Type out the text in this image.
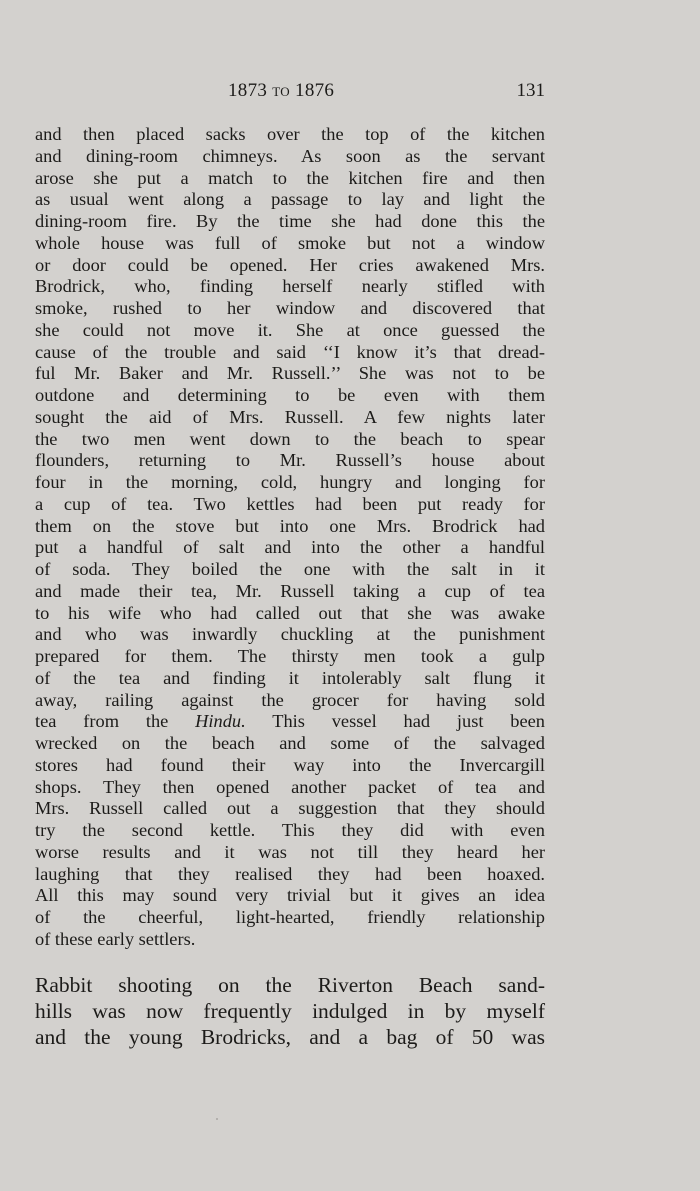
1873 to 1876	131
and then placed sacks over the top of the kitchen
and dining-room chimneys. As soon as the servant
arose she put a match to the kitchen fire and then
as usual went along a passage to lay and light the
dining-room fire. By the time she had done this the
whole house was full of smoke but not a window
or door could be opened. Her cries awakened Mrs.
Brodrick, who, finding herself nearly stifled with
smoke, rushed to her window and discovered that
she could not move it. She at once guessed the
cause of the trouble and said ‘‘I know it’s that dread-
ful Mr. Baker and Mr. Russell.’’ She was not to be
outdone and determining to be even with them
sought the aid of Mrs. Russell. A few nights later
the two men went down to the beach to spear
flounders, returning to Mr. Russell’s house about
four in the morning, cold, hungry and longing for
a cup of tea. Two kettles had been put ready for
them on the stove but into one Mrs. Brodrick had
put a handful of salt and into the other a handful
of soda. They boiled the one with the salt in it
and made their tea, Mr. Russell taking a cup of tea
to his wife who had called out that she was awake
and who was inwardly chuckling at the punishment
prepared for them. The thirsty men took a gulp
of the tea and finding it intolerably salt flung it
away, railing against the grocer for having sold
tea from the Hindu. This vessel had just been
wrecked on the beach and some of the salvaged
stores had found their way into the Invercargill
shops. They then opened another packet of tea and
Mrs. Russell called out a suggestion that they should
try the second kettle. This they did with even
worse results and it was not till they heard her
laughing that they realised they had been hoaxed.
All this may sound very trivial but it gives an idea
of the cheerful, light-hearted, friendly relationship
of these early settlers.
Rabbit shooting on the Riverton Beach sand-
hills was now frequently indulged in by myself
and the young Brodricks, and a bag of 50 was
